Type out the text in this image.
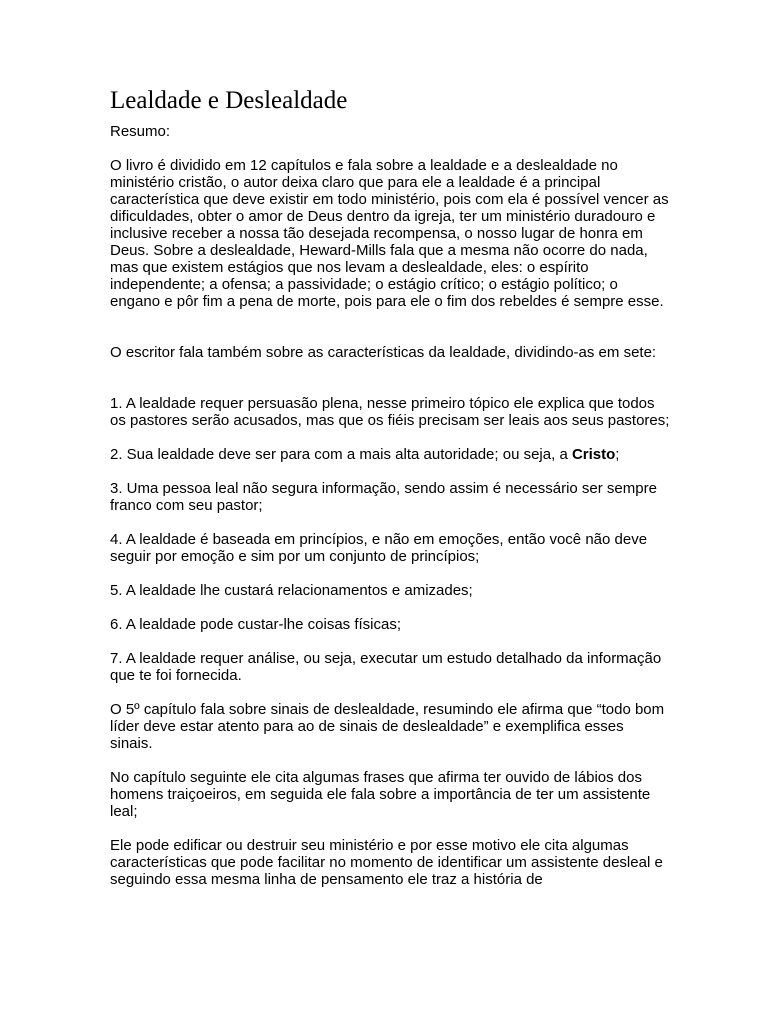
Lealdade e Deslealdade

Resumo:

O livro é dividido em 12 capítulos e fala sobre a lealdade e a deslealdade no ministério cristão, o autor deixa claro que para ele a lealdade é a principal característica que deve existir em todo ministério, pois com ela é possível vencer as dificuldades, obter o amor de Deus dentro da igreja, ter um ministério duradouro e inclusive receber a nossa tão desejada recompensa, o nosso lugar de honra em Deus. Sobre a deslealdade, Heward-Mills fala que a mesma não ocorre do nada, mas que existem estágios que nos levam a deslealdade, eles: o espírito independente; a ofensa; a passividade; o estágio crítico; o estágio político; o engano e pôr fim a pena de morte, pois para ele o fim dos rebeldes é sempre esse.

O escritor fala também sobre as características da lealdade, dividindo-as em sete:

1. A lealdade requer persuasão plena, nesse primeiro tópico ele explica que todos os pastores serão acusados, mas que os fiéis precisam ser leais aos seus pastores;

2. Sua lealdade deve ser para com a mais alta autoridade; ou seja, a Cristo;

3. Uma pessoa leal não segura informação, sendo assim é necessário ser sempre franco com seu pastor;

4. A lealdade é baseada em princípios, e não em emoções, então você não deve seguir por emoção e sim por um conjunto de princípios;

5. A lealdade lhe custará relacionamentos e amizades;

6. A lealdade pode custar-lhe coisas físicas;

7. A lealdade requer análise, ou seja, executar um estudo detalhado da informação que te foi fornecida.

O 5º capítulo fala sobre sinais de deslealdade, resumindo ele afirma que “todo bom líder deve estar atento para ao de sinais de deslealdade” e exemplifica esses sinais.

No capítulo seguinte ele cita algumas frases que afirma ter ouvido de lábios dos homens traiçoeiros, em seguida ele fala sobre a importância de ter um assistente leal;

Ele pode edificar ou destruir seu ministério e por esse motivo ele cita algumas características que pode facilitar no momento de identificar um assistente desleal e seguindo essa mesma linha de pensamento ele traz a história de
